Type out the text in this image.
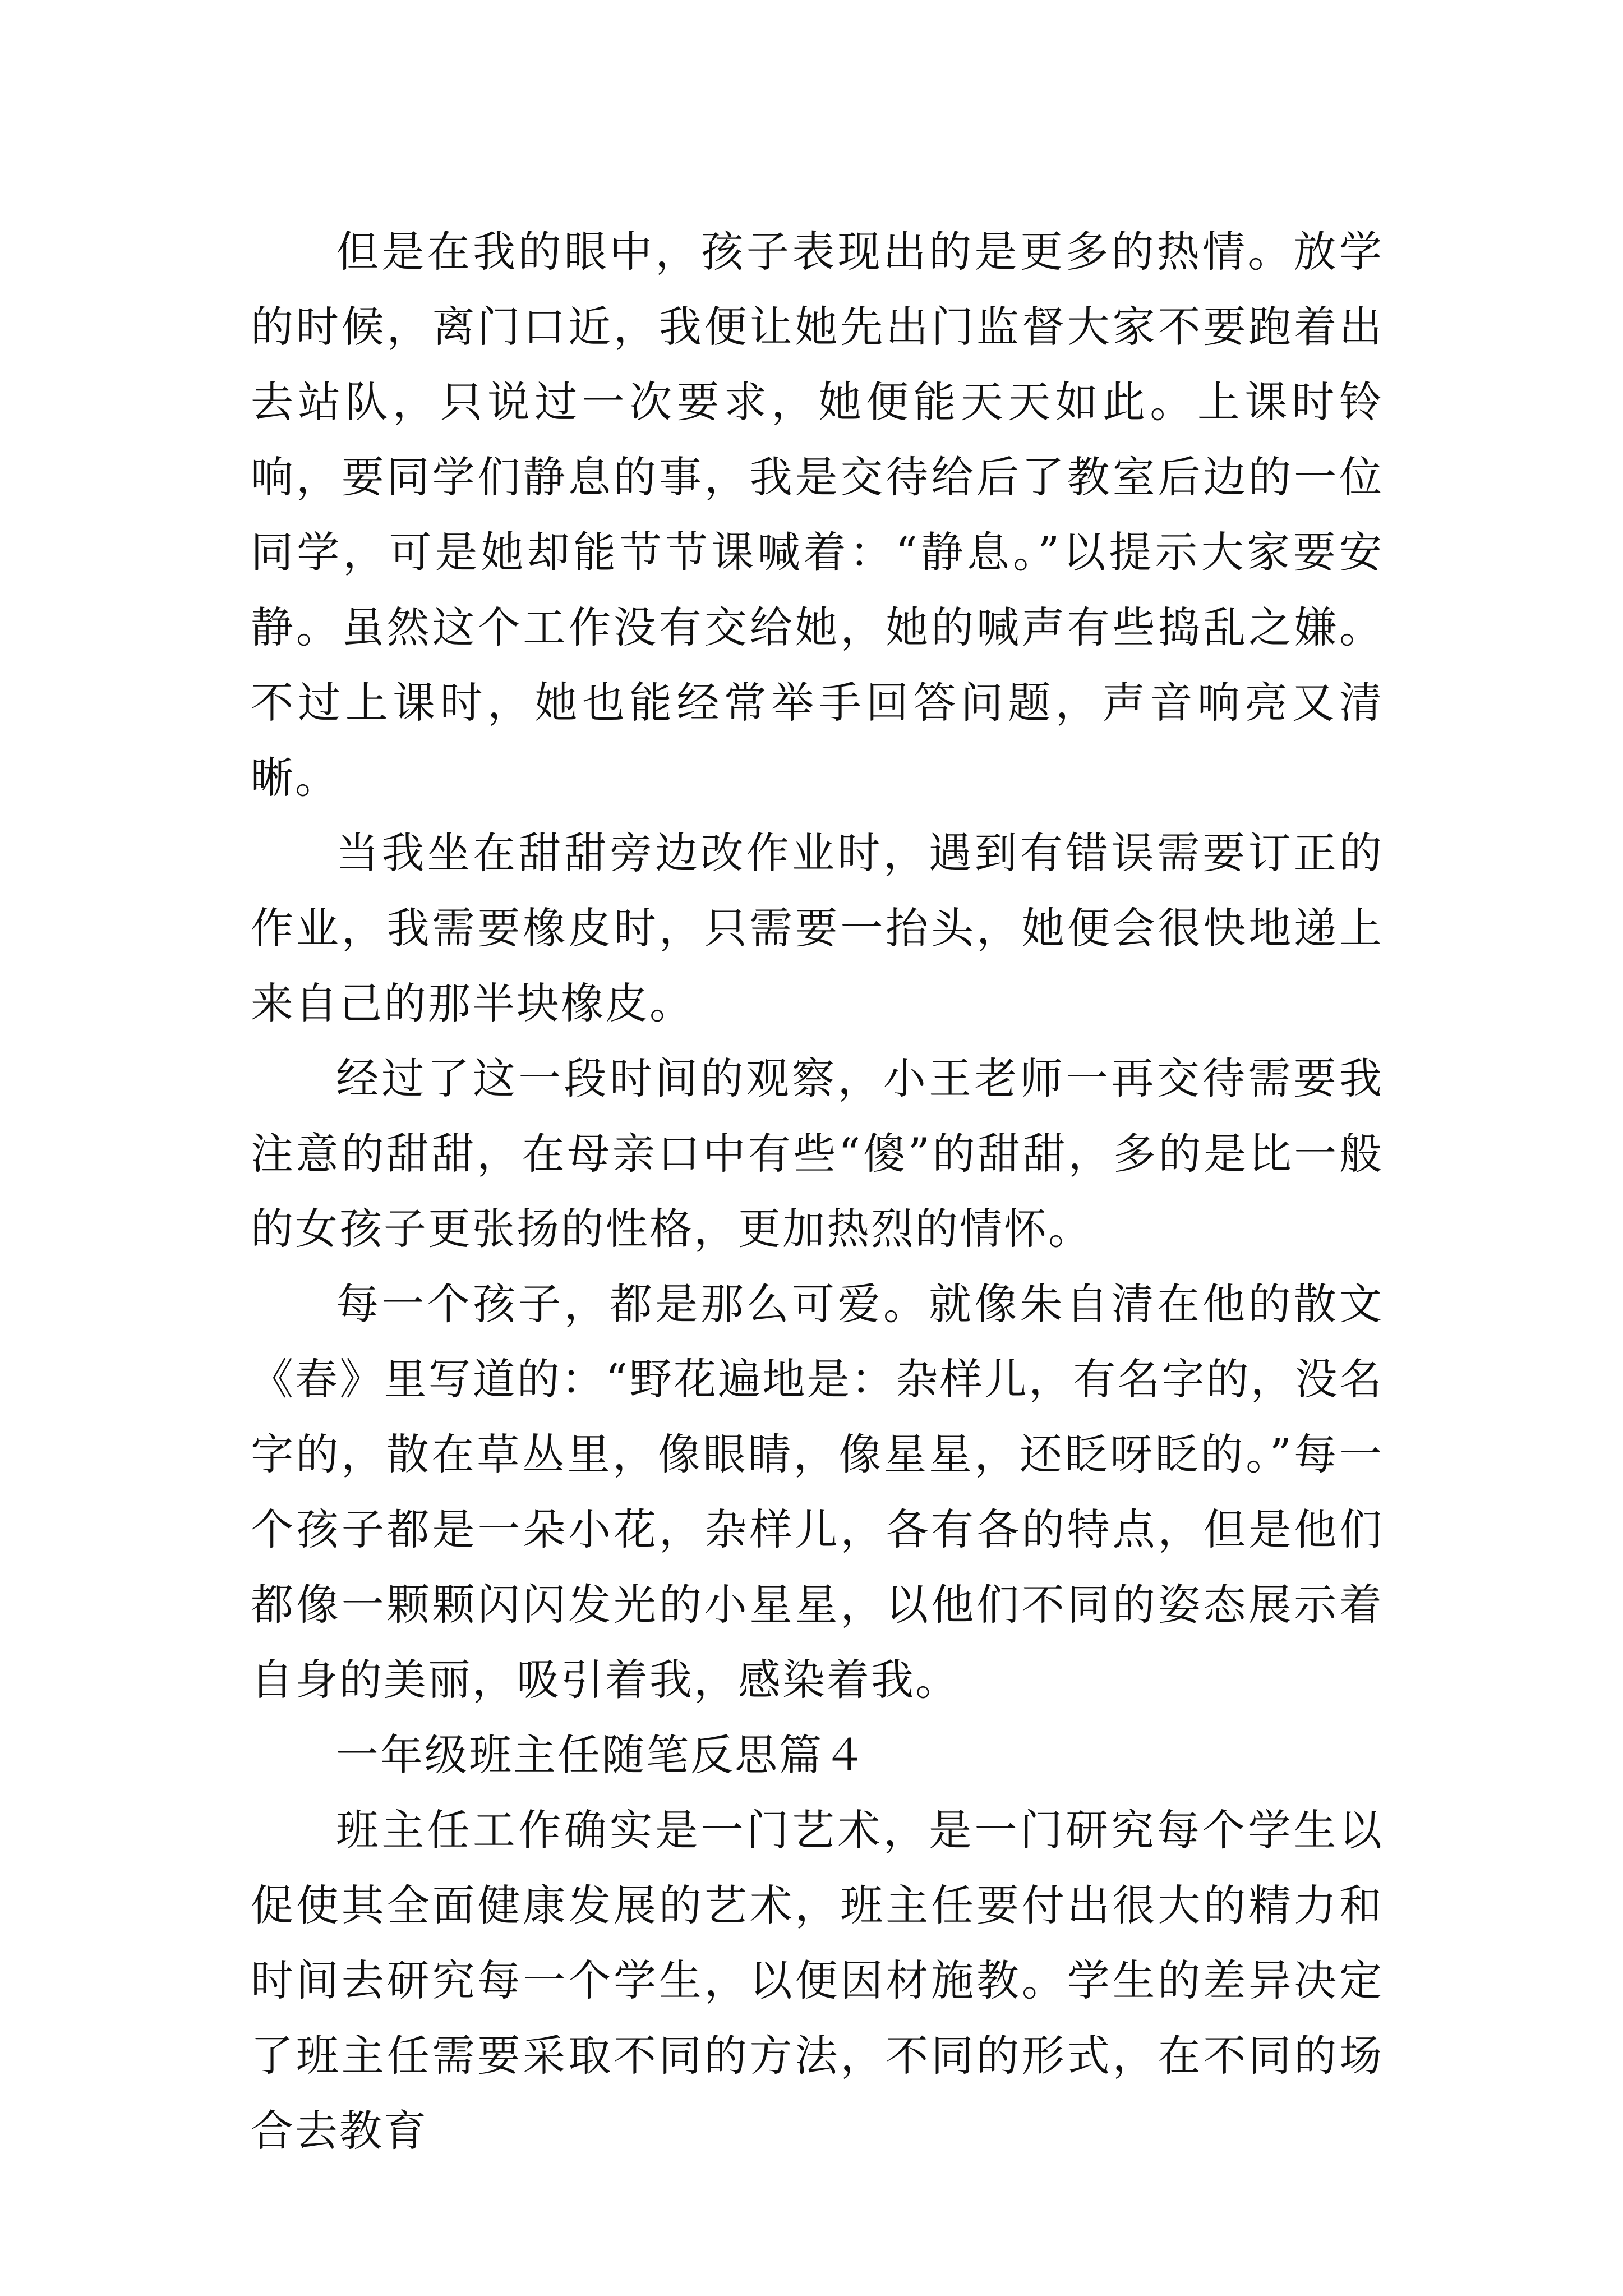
但是在我的眼中，孩子表现出的是更多的热情。放学的时候，离门口近，我便让她先出门监督大家不要跑着出去站队，只说过一次要求，她便能天天如此。上课时铃响，要同学们静息的事，我是交待给后了教室后边的一位同学，可是她却能节节课喊着：“静息。”以提示大家要安静。虽然这个工作没有交给她，她的喊声有些捣乱之嫌。不过上课时，她也能经常举手回答问题，声音响亮又清晰。

当我坐在甜甜旁边改作业时，遇到有错误需要订正的作业，我需要橡皮时，只需要一抬头，她便会很快地递上来自己的那半块橡皮。

经过了这一段时间的观察，小王老师一再交待需要我注意的甜甜，在母亲口中有些“傻”的甜甜，多的是比一般的女孩子更张扬的性格，更加热烈的情怀。

每一个孩子，都是那么可爱。就像朱自清在他的散文《春》里写道的：“野花遍地是：杂样儿，有名字的，没名字的，散在草丛里，像眼睛，像星星，还眨呀眨的。”每一个孩子都是一朵小花，杂样儿，各有各的特点，但是他们都像一颗颗闪闪发光的小星星，以他们不同的姿态展示着自身的美丽，吸引着我，感染着我。

一年级班主任随笔反思篇４

班主任工作确实是一门艺术，是一门研究每个学生以促使其全面健康发展的艺术，班主任要付出很大的精力和时间去研究每一个学生，以便因材施教。学生的差异决定了班主任需要采取不同的方法，不同的形式，在不同的场合去教育
